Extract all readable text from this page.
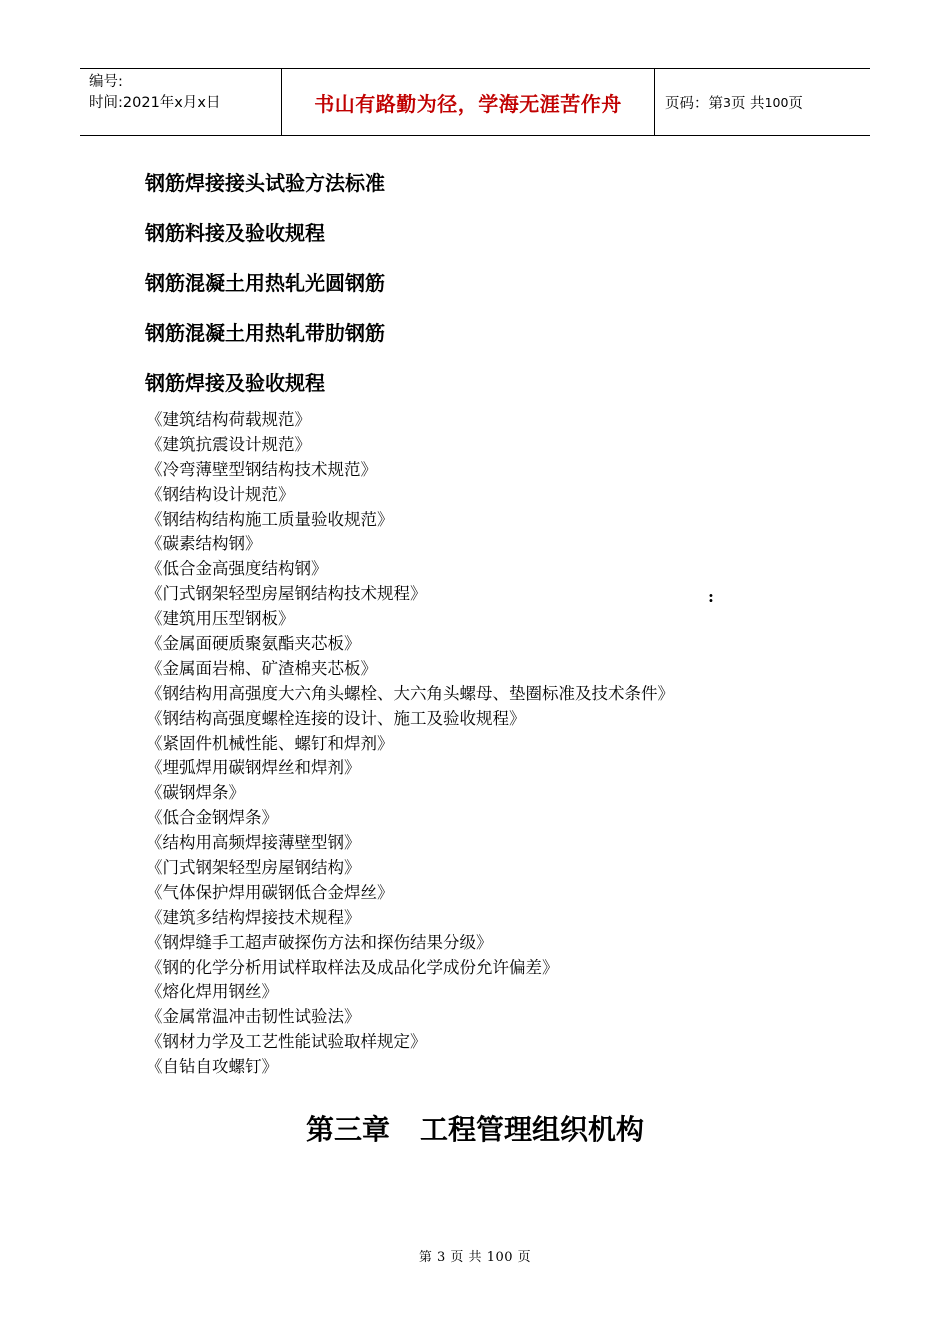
编号:
时间:2021年x月x日	书山有路勤为径，学海无涯苦作舟	页码：第 3 页 共 100 页
钢筋焊接接头试验方法标准
钢筋料接及验收规程
钢筋混凝土用热轧光圆钢筋
钢筋混凝土用热轧带肋钢筋
钢筋焊接及验收规程
《建筑结构荷载规范》
《建筑抗震设计规范》
《冷弯薄壁型钢结构技术规范》
《钢结构设计规范》
《钢结构结构施工质量验收规范》
《碳素结构钢》
《低合金高强度结构钢》
《门式钢架轻型房屋钢结构技术规程》
《建筑用压型钢板》
《金属面硬质聚氨酯夹芯板》
《金属面岩棉、矿渣棉夹芯板》
《钢结构用高强度大六角头螺栓、大六角头螺母、垫圈标准及技术条件》
《钢结构高强度螺栓连接的设计、施工及验收规程》
《紧固件机械性能、螺钉和焊剂》
《埋弧焊用碳钢焊丝和焊剂》
《碳钢焊条》
《低合金钢焊条》
《结构用高频焊接薄壁型钢》
《门式钢架轻型房屋钢结构》
《气体保护焊用碳钢低合金焊丝》
《建筑多结构焊接技术规程》
《钢焊缝手工超声破探伤方法和探伤结果分级》
《钢的化学分析用试样取样法及成品化学成份允许偏差》
《熔化焊用钢丝》
《金属常温冲击韧性试验法》
《钢材力学及工艺性能试验取样规定》
《自钻自攻螺钉》
:
第三章 工程管理组织机构
第 3 页 共 100 页
